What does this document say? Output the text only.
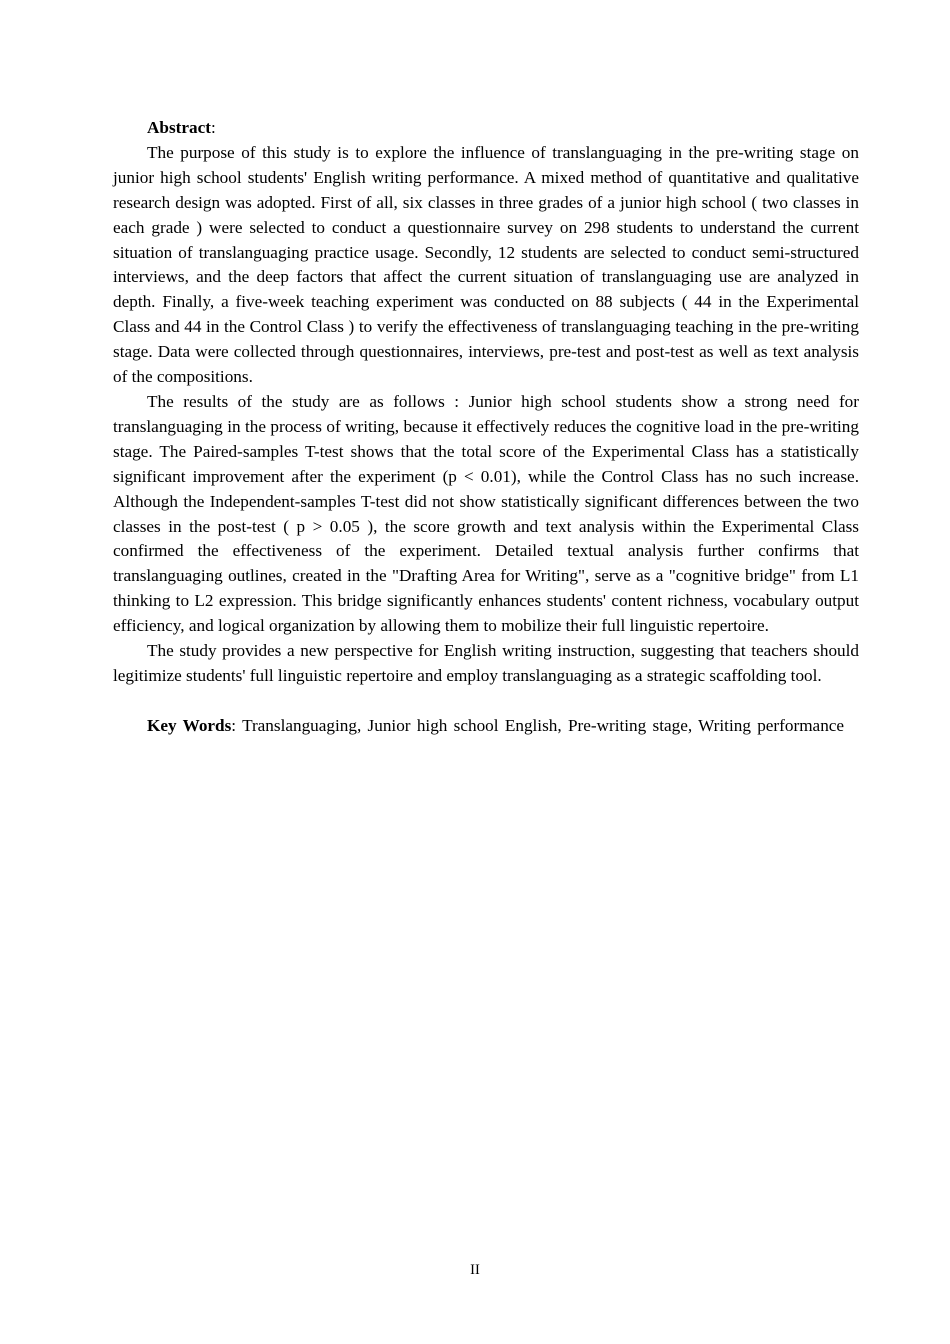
Abstract:

The purpose of this study is to explore the influence of translanguaging in the pre-writing stage on junior high school students' English writing performance. A mixed method of quantitative and qualitative research design was adopted. First of all, six classes in three grades of a junior high school ( two classes in each grade ) were selected to conduct a questionnaire survey on 298 students to understand the current situation of translanguaging practice usage. Secondly, 12 students are selected to conduct semi-structured interviews, and the deep factors that affect the current situation of translanguaging use are analyzed in depth. Finally, a five-week teaching experiment was conducted on 88 subjects ( 44 in the Experimental Class and 44 in the Control Class ) to verify the effectiveness of translanguaging teaching in the pre-writing stage. Data were collected through questionnaires, interviews, pre-test and post-test as well as text analysis of the compositions.

The results of the study are as follows : Junior high school students show a strong need for translanguaging in the process of writing, because it effectively reduces the cognitive load in the pre-writing stage. The Paired-samples T-test shows that the total score of the Experimental Class has a statistically significant improvement after the experiment (p < 0.01), while the Control Class has no such increase. Although the Independent-samples T-test did not show statistically significant differences between the two classes in the post-test ( p > 0.05 ), the score growth and text analysis within the Experimental Class confirmed the effectiveness of the experiment. Detailed textual analysis further confirms that translanguaging outlines, created in the "Drafting Area for Writing", serve as a "cognitive bridge" from L1 thinking to L2 expression. This bridge significantly enhances students' content richness, vocabulary output efficiency, and logical organization by allowing them to mobilize their full linguistic repertoire.

The study provides a new perspective for English writing instruction, suggesting that teachers should legitimize students' full linguistic repertoire and employ translanguaging as a strategic scaffolding tool.

Key Words: Translanguaging, Junior high school English, Pre-writing stage, Writing performance

II
